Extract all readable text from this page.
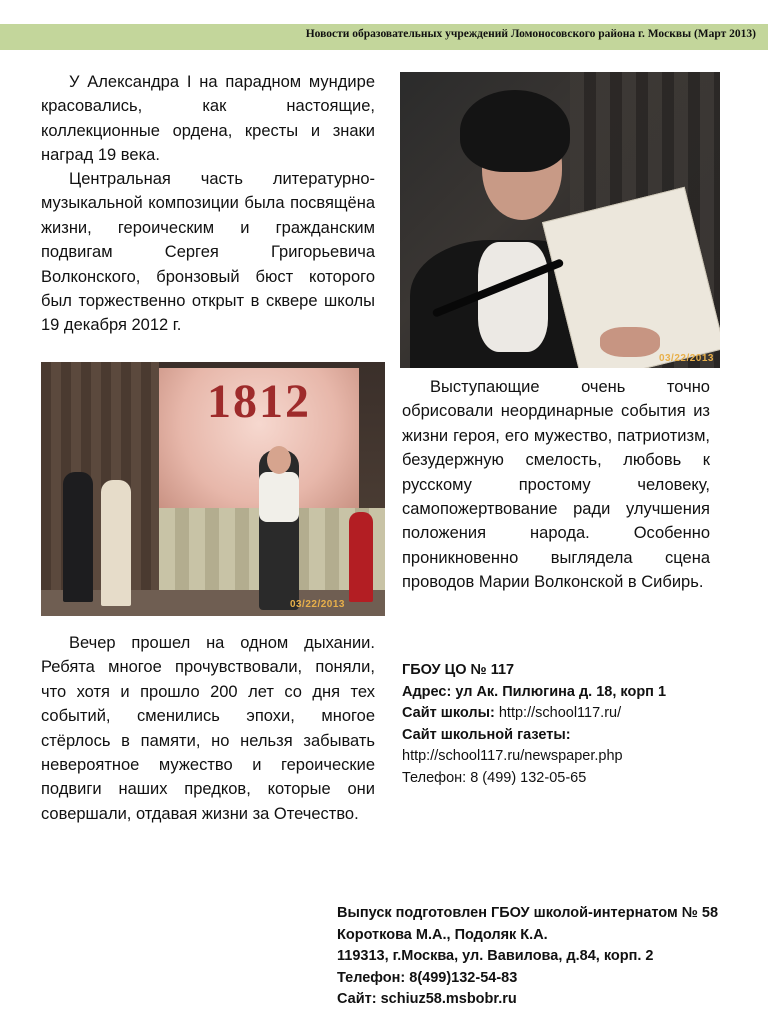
Новости образовательных учреждений Ломоносовского района г. Москвы (Март 2013)

У Александра I на парадном мундире красовались, как настоящие, коллекционные ордена, кресты и знаки наград 19 века.

Центральная часть литературно-музыкальной композиции была посвящёна жизни, героическим и гражданским подвигам Сергея Григорьевича Волконского, бронзовый бюст которого был торжественно открыт в сквере школы 19 декабря 2012 г.

03/22/2013
1812
03/22/2013

Выступающие очень точно обрисовали неординарные события из жизни героя, его мужество, патриотизм, безудержную смелость, любовь к русскому простому человеку, самопожертвование ради улучшения положения народа. Особенно проникновенно выглядела сцена проводов Марии Волконской в Сибирь.

Вечер прошел на одном дыхании. Ребята многое прочувствовали, поняли, что хотя и прошло 200 лет со дня тех событий, сменились эпохи, многое стёрлось в памяти, но нельзя забывать невероятное мужество и героические подвиги наших предков, которые они совершали, отдавая жизни за Отечество.

ГБОУ ЦО № 117
Адрес: ул Ак. Пилюгина д. 18, корп 1
Сайт школы: http://school117.ru/
Сайт школьной газеты:
http://school117.ru/newspaper.php
Телефон: 8 (499) 132-05-65
Выпуск подготовлен ГБОУ школой-интернатом № 58
Короткова М.А., Подоляк К.А.
119313, г.Москва, ул. Вавилова, д.84, корп. 2
Телефон: 8(499)132-54-83
Сайт: schiuz58.msbobr.ru
